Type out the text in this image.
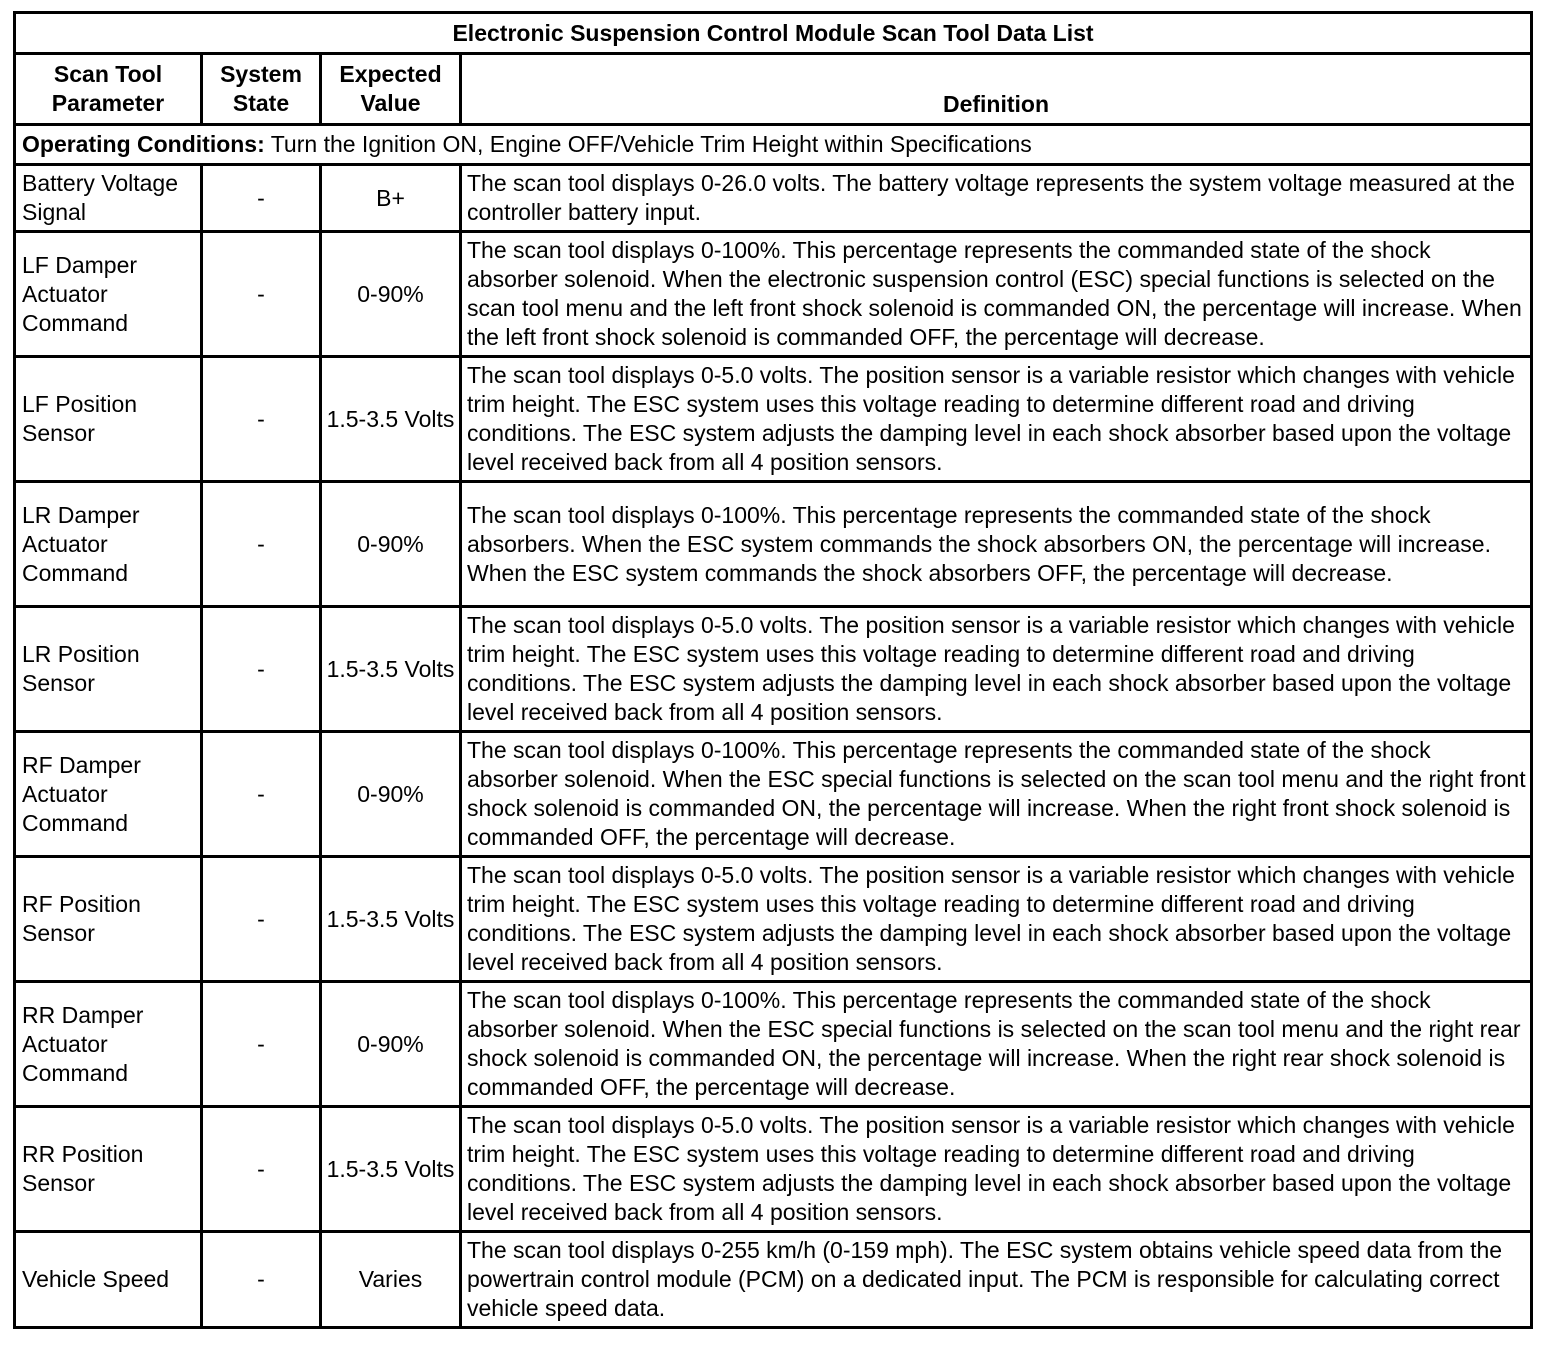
Electronic Suspension Control Module Scan Tool Data List			
Scan Tool Parameter	System State	Expected Value	Definition
Operating Conditions: Turn the Ignition ON, Engine OFF/Vehicle Trim Height within Specifications			
Battery Voltage Signal	-	B+	The scan tool displays 0-26.0 volts. The battery voltage represents the system voltage measured at the controller battery input.
LF Damper Actuator Command	-	0-90%	The scan tool displays 0-100%. This percentage represents the commanded state of the shock absorber solenoid. When the electronic suspension control (ESC) special functions is selected on the scan tool menu and the left front shock solenoid is commanded ON, the percentage will increase. When the left front shock solenoid is commanded OFF, the percentage will decrease.
LF Position Sensor	-	1.5-3.5 Volts	The scan tool displays 0-5.0 volts. The position sensor is a variable resistor which changes with vehicle trim height. The ESC system uses this voltage reading to determine different road and driving conditions. The ESC system adjusts the damping level in each shock absorber based upon the voltage level received back from all 4 position sensors.
LR Damper Actuator Command	-	0-90%	The scan tool displays 0-100%. This percentage represents the commanded state of the shock absorbers. When the ESC system commands the shock absorbers ON, the percentage will increase. When the ESC system commands the shock absorbers OFF, the percentage will decrease.
LR Position Sensor	-	1.5-3.5 Volts	The scan tool displays 0-5.0 volts. The position sensor is a variable resistor which changes with vehicle trim height. The ESC system uses this voltage reading to determine different road and driving conditions. The ESC system adjusts the damping level in each shock absorber based upon the voltage level received back from all 4 position sensors.
RF Damper Actuator Command	-	0-90%	The scan tool displays 0-100%. This percentage represents the commanded state of the shock absorber solenoid. When the ESC special functions is selected on the scan tool menu and the right front shock solenoid is commanded ON, the percentage will increase. When the right front shock solenoid is commanded OFF, the percentage will decrease.
RF Position Sensor	-	1.5-3.5 Volts	The scan tool displays 0-5.0 volts. The position sensor is a variable resistor which changes with vehicle trim height. The ESC system uses this voltage reading to determine different road and driving conditions. The ESC system adjusts the damping level in each shock absorber based upon the voltage level received back from all 4 position sensors.
RR Damper Actuator Command	-	0-90%	The scan tool displays 0-100%. This percentage represents the commanded state of the shock absorber solenoid. When the ESC special functions is selected on the scan tool menu and the right rear shock solenoid is commanded ON, the percentage will increase. When the right rear shock solenoid is commanded OFF, the percentage will decrease.
RR Position Sensor	-	1.5-3.5 Volts	The scan tool displays 0-5.0 volts. The position sensor is a variable resistor which changes with vehicle trim height. The ESC system uses this voltage reading to determine different road and driving conditions. The ESC system adjusts the damping level in each shock absorber based upon the voltage level received back from all 4 position sensors.
Vehicle Speed	-	Varies	The scan tool displays 0-255 km/h (0-159 mph). The ESC system obtains vehicle speed data from the powertrain control module (PCM) on a dedicated input. The PCM is responsible for calculating correct vehicle speed data.
